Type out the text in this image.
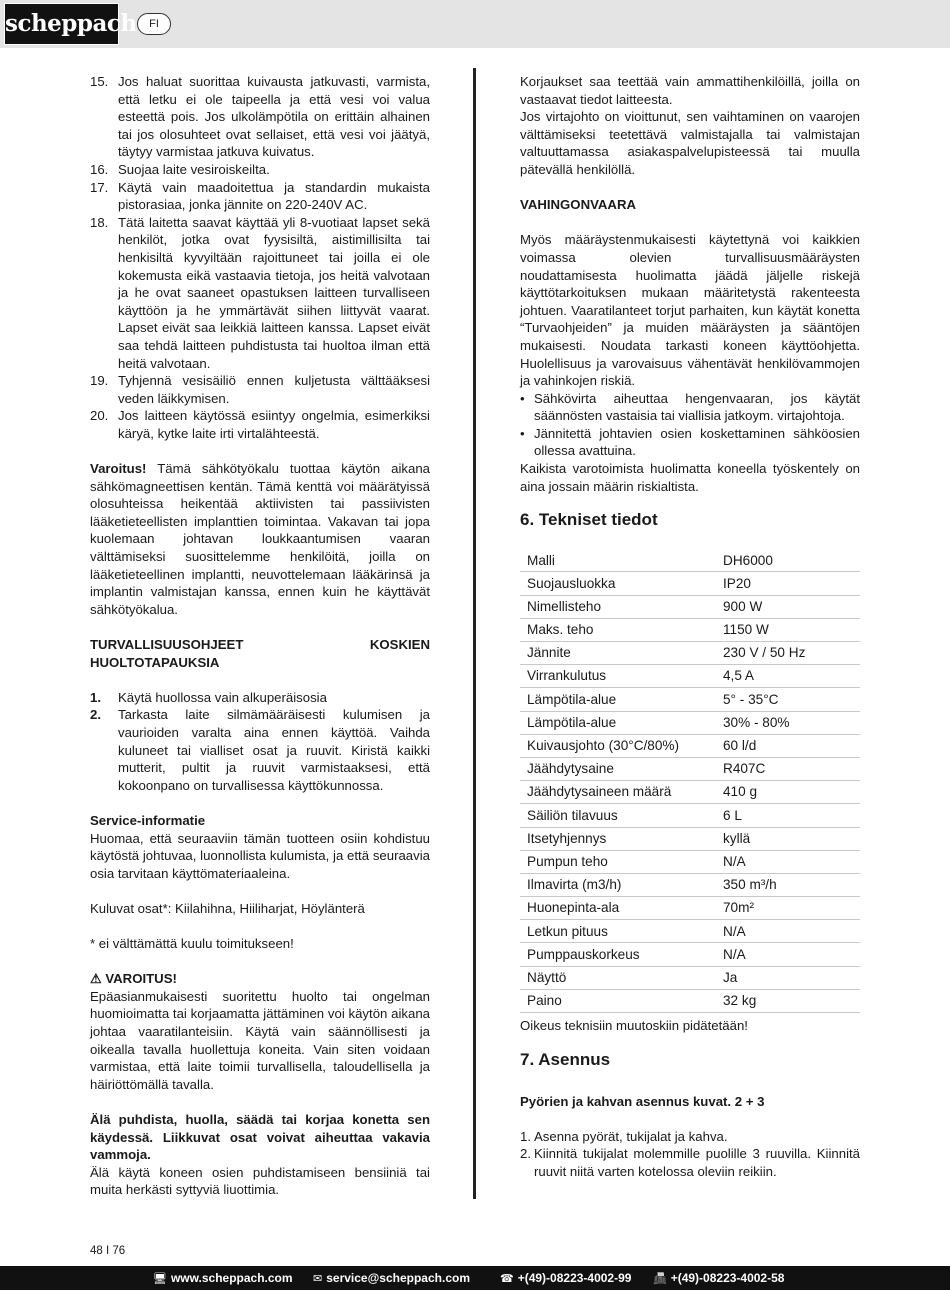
scheppach	FI
15. Jos haluat suorittaa kuivausta jatkuvasti, varmista, että letku ei ole taipeella ja että vesi voi valua esteettä pois. Jos ulkolämpötila on erittäin alhainen tai jos olosuhteet ovat sellaiset, että vesi voi jäätyä, täytyy varmistaa jatkuva kuivatus.
16. Suojaa laite vesiroiskeilta.
17. Käytä vain maadoitettua ja standardin mukaista pistorasiaa, jonka jännite on 220-240V AC.
18. Tätä laitetta saavat käyttää yli 8-vuotiaat lapset sekä henkilöt, jotka ovat fyysisiltä, aistimillisilta tai henkisiltä kyvyiltään rajoittuneet tai joilla ei ole kokemusta eikä vastaavia tietoja, jos heitä valvotaan ja he ovat saaneet opastuksen laitteen turvalliseen käyttöön ja he ymmärtävät siihen liittyvät vaarat. Lapset eivät saa leikkiä laitteen kanssa. Lapset eivät saa tehdä laitteen puhdistusta tai huoltoa ilman että heitä valvotaan.
19. Tyhjennä vesisäiliö ennen kuljetusta välttääksesi veden läikkymisen.
20. Jos laitteen käytössä esiintyy ongelmia, esimerkiksi käryä, kytke laite irti virtalähteestä.

Varoitus! Tämä sähkötyökalu tuottaa käytön aikana sähkömagneettisen kentän. Tämä kenttä voi määrätyissä olosuhteissa heikentää aktiivisten tai passiivisten lääketieteellisten implanttien toimintaa. Vakavan tai jopa kuolemaan johtavan loukkaantumisen vaaran välttämiseksi suosittelemme henkilöitä, joilla on lääketieteellinen implantti, neuvottelemaan lääkärinsä ja implantin valmistajan kanssa, ennen kuin he käyttävät sähkötyökalua.

TURVALLISUUSOHJEET KOSKIEN HUOLTOTAPAUKSIA
1. Käytä huollossa vain alkuperäisosia
2. Tarkasta laite silmämääräisesti kulumisen ja vaurioiden varalta aina ennen käyttöä. Vaihda kuluneet tai vialliset osat ja ruuvit. Kiristä kaikki mutterit, pultit ja ruuvit varmistaaksesi, että kokoonpano on turvallisessa käyttökunnossa.
Service-informatie

Huomaa, että seuraaviin tämän tuotteen osiin kohdistuu käytöstä johtuvaa, luonnollista kulumista, ja että seuraavia osia tarvitaan käyttömateriaaleina.

Kuluvat osat*: Kiilahihna, Hiiliharjat, Höylänterä

* ei välttämättä kuulu toimitukseen!

⚠ VAROITUS!

Epäasianmukaisesti suoritettu huolto tai ongelman huomioimatta tai korjaamatta jättäminen voi käytön aikana johtaa vaaratilanteisiin. Käytä vain säännöllisesti ja oikealla tavalla huollettuja koneita. Vain siten voidaan varmistaa, että laite toimii turvallisella, taloudellisella ja häiriöttömällä tavalla.

Älä puhdista, huolla, säädä tai korjaa konetta sen käydessä. Liikkuvat osat voivat aiheuttaa vakavia vammoja.

Älä käytä koneen osien puhdistamiseen bensiiniä tai muita herkästi syttyviä liuottimia.

Korjaukset saa teettää vain ammattihenkilöillä, joilla on vastaavat tiedot laitteesta.

Jos virtajohto on vioittunut, sen vaihtaminen on vaarojen välttämiseksi teetettävä valmistajalla tai valmistajan valtuuttamassa asiakaspalvelupisteessä tai muulla pätevällä henkilöllä.

VAHINGONVAARA

Myös määräystenmukaisesti käytettynä voi kaikkien voimassa olevien turvallisuusmääräysten noudattamisesta huolimatta jäädä jäljelle riskejä käyttötarkoituksen mukaan määritetystä rakenteesta johtuen. Vaaratilanteet torjut parhaiten, kun käytät konetta “Turvaohjeiden” ja muiden määräysten ja sääntöjen mukaisesti. Noudata tarkasti koneen käyttöohjetta. Huolellisuus ja varovaisuus vähentävät henkilövammojen ja vahinkojen riskiä.

• Sähkövirta aiheuttaa hengenvaaran, jos käytät säännösten vastaisia tai viallisia jatkoym. virtajohtoja.
• Jännitettä johtavien osien koskettaminen sähköosien ollessa avattuina.

Kaikista varotoimista huolimatta koneella työskentely on aina jossain määrin riskialtista.

6. Tekniset tiedot
Malli	DH6000
Suojausluokka	IP20
Nimellisteho	900 W
Maks. teho	1150 W
Jännite	230 V / 50 Hz
Virrankulutus	4,5 A
Lämpötila-alue	5° - 35°C
Lämpötila-alue	30% - 80%
Kuivausjohto (30°C/80%)	60 l/d
Jäähdytysaine	R407C
Jäähdytysaineen määrä	410 g
Säiliön tilavuus	6 L
Itsetyhjennys	kyllä
Pumpun teho	N/A
Ilmavirta (m3/h)	350 m³/h
Huonepinta-ala	70m²
Letkun pituus	N/A
Pumppauskorkeus	N/A
Näyttö	Ja
Paino	32 kg

Oikeus teknisiin muutoskiin pidätetään!

7. Asennus
Pyörien ja kahvan asennus kuvat. 2 + 3
1. Asenna pyörät, tukijalat ja kahva.
2. Kiinnitä tukijalat molemmille puolille 3 ruuvilla. Kiinnitä ruuvit niitä varten kotelossa oleviin reikiin.
48 I 76
🖥 www.scheppach.com ✉ service@scheppach.com	☎ +(49)-08223-4002-99 📠 +(49)-08223-4002-58
